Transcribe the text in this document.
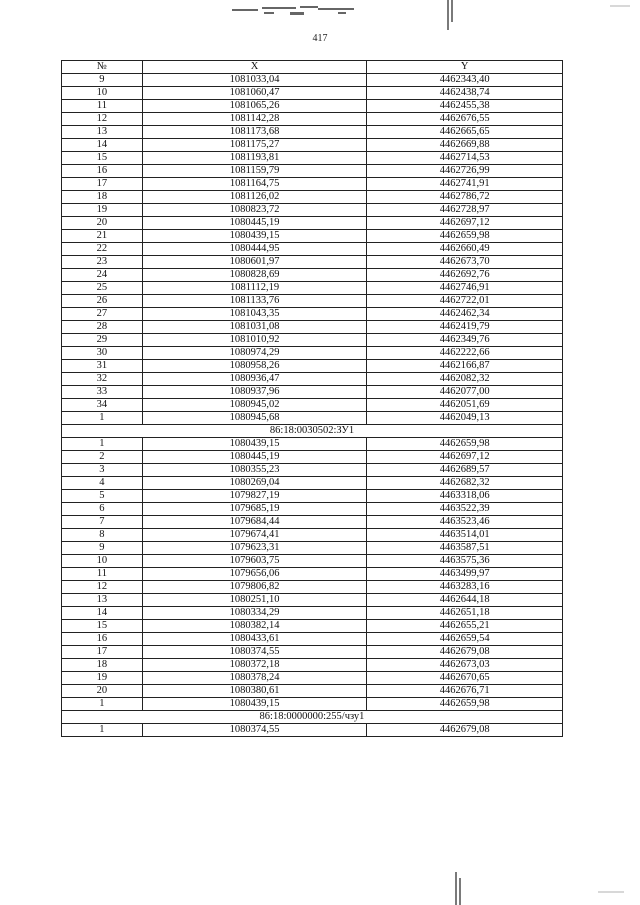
417
№	X	Y
9	1081033,04	4462343,40
10	1081060,47	4462438,74
11	1081065,26	4462455,38
12	1081142,28	4462676,55
13	1081173,68	4462665,65
14	1081175,27	4462669,88
15	1081193,81	4462714,53
16	1081159,79	4462726,99
17	1081164,75	4462741,91
18	1081126,02	4462786,72
19	1080823,72	4462728,97
20	1080445,19	4462697,12
21	1080439,15	4462659,98
22	1080444,95	4462660,49
23	1080601,97	4462673,70
24	1080828,69	4462692,76
25	1081112,19	4462746,91
26	1081133,76	4462722,01
27	1081043,35	4462462,34
28	1081031,08	4462419,79
29	1081010,92	4462349,76
30	1080974,29	4462222,66
31	1080958,26	4462166,87
32	1080936,47	4462082,32
33	1080937,96	4462077,00
34	1080945,02	4462051,69
1	1080945,68	4462049,13
86:18:0030502:ЗУ1		
1	1080439,15	4462659,98
2	1080445,19	4462697,12
3	1080355,23	4462689,57
4	1080269,04	4462682,32
5	1079827,19	4463318,06
6	1079685,19	4463522,39
7	1079684,44	4463523,46
8	1079674,41	4463514,01
9	1079623,31	4463587,51
10	1079603,75	4463575,36
11	1079656,06	4463499,97
12	1079806,82	4463283,16
13	1080251,10	4462644,18
14	1080334,29	4462651,18
15	1080382,14	4462655,21
16	1080433,61	4462659,54
17	1080374,55	4462679,08
18	1080372,18	4462673,03
19	1080378,24	4462670,65
20	1080380,61	4462676,71
1	1080439,15	4462659,98
86:18:0000000:255/чзу1		
1	1080374,55	4462679,08
